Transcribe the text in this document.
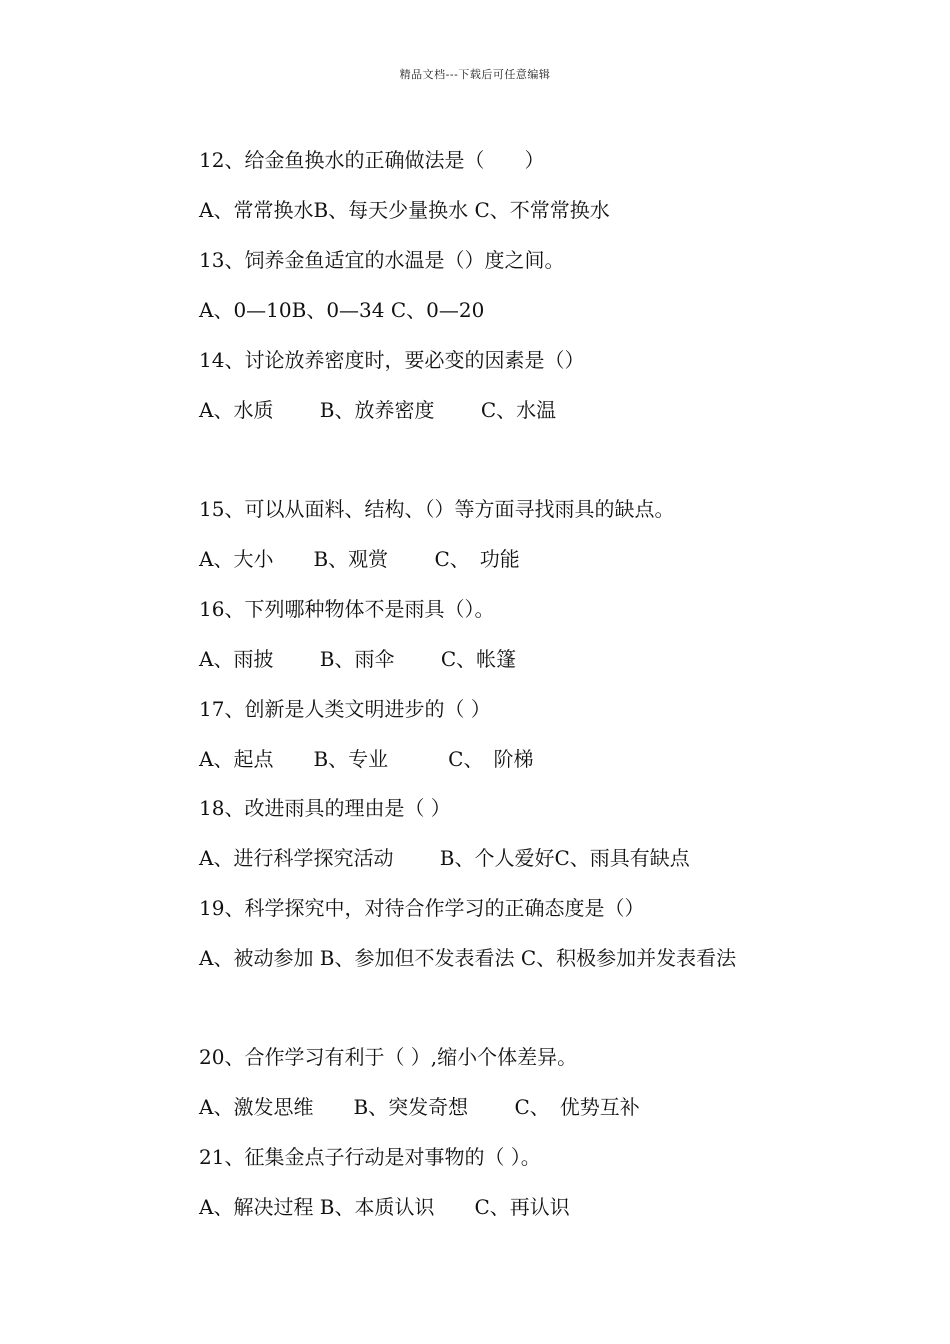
精品文档---下载后可任意编辑
12、给金鱼换水的正确做法是（　　）
A、常常换水B、每天少量换水 C、不常常换水
13、饲养金鱼适宜的水温是（）度之间。
A、0—10B、0—34 C、0—20
14、讨论放养密度时，要必变的因素是（）
A、水质　　 B、放养密度　　 C、水温
15、可以从面料、结构、（）等方面寻找雨具的缺点。
A、大小　　B、观赏　　 C、　功能
16、下列哪种物体不是雨具（）。
A、雨披　　 B、雨伞　　 C、帐篷
17、创新是人类文明进步的（ ）
A、起点　　B、专业　　　C、　阶梯
18、改进雨具的理由是（ ）
A、进行科学探究活动　　 B、个人爱好C、雨具有缺点
19、科学探究中，对待合作学习的正确态度是（）
A、被动参加 B、参加但不发表看法 C、积极参加并发表看法
20、合作学习有利于（ ）,缩小个体差异。
A、激发思维　　B、突发奇想　　 C、　优势互补
21、征集金点子行动是对事物的（ ）。
A、解决过程 B、本质认识　　C、再认识
